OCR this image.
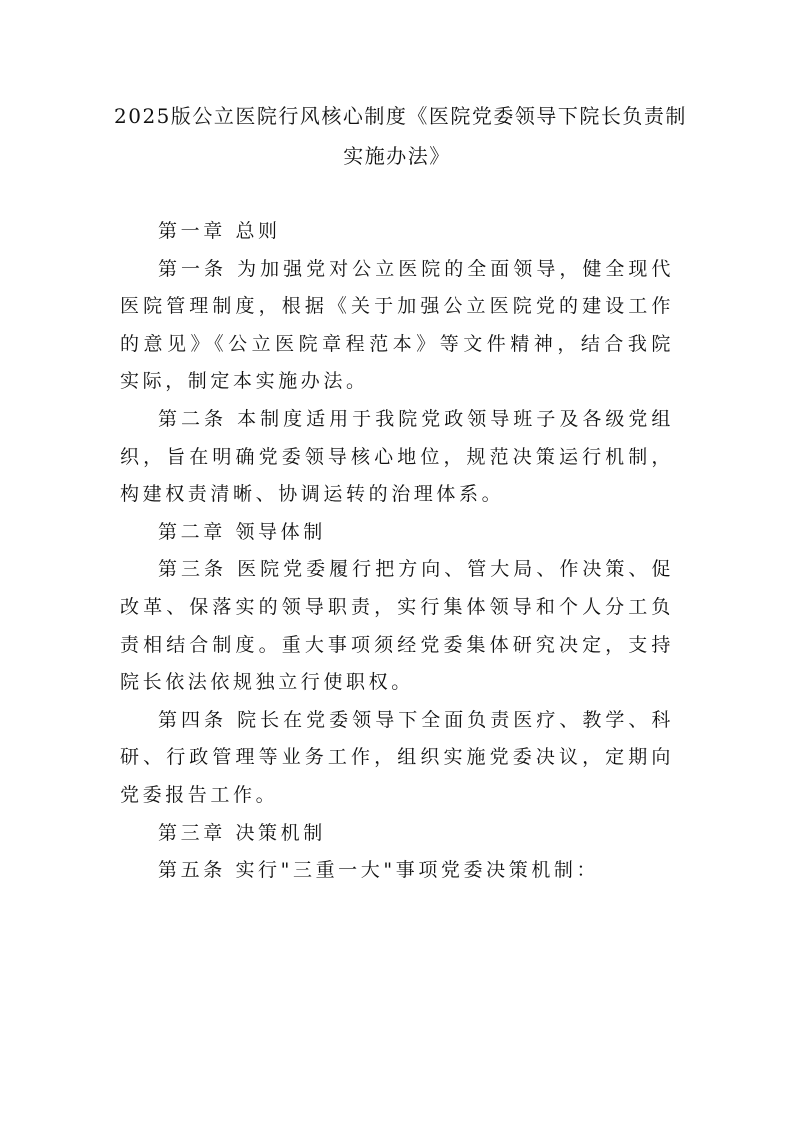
2025版公立医院行风核心制度《医院党委领导下院长负责制
实施办法》

第一章 总则

第一条 为加强党对公立医院的全面领导，健全现代医院管理制度，根据《关于加强公立医院党的建设工作的意见》《公立医院章程范本》等文件精神，结合我院实际，制定本实施办法。

第二条 本制度适用于我院党政领导班子及各级党组织，旨在明确党委领导核心地位，规范决策运行机制，构建权责清晰、协调运转的治理体系。

第二章 领导体制

第三条 医院党委履行把方向、管大局、作决策、促改革、保落实的领导职责，实行集体领导和个人分工负责相结合制度。重大事项须经党委集体研究决定，支持院长依法依规独立行使职权。

第四条 院长在党委领导下全面负责医疗、教学、科研、行政管理等业务工作，组织实施党委决议，定期向党委报告工作。

第三章 决策机制

第五条 实行"三重一大"事项党委决策机制：
